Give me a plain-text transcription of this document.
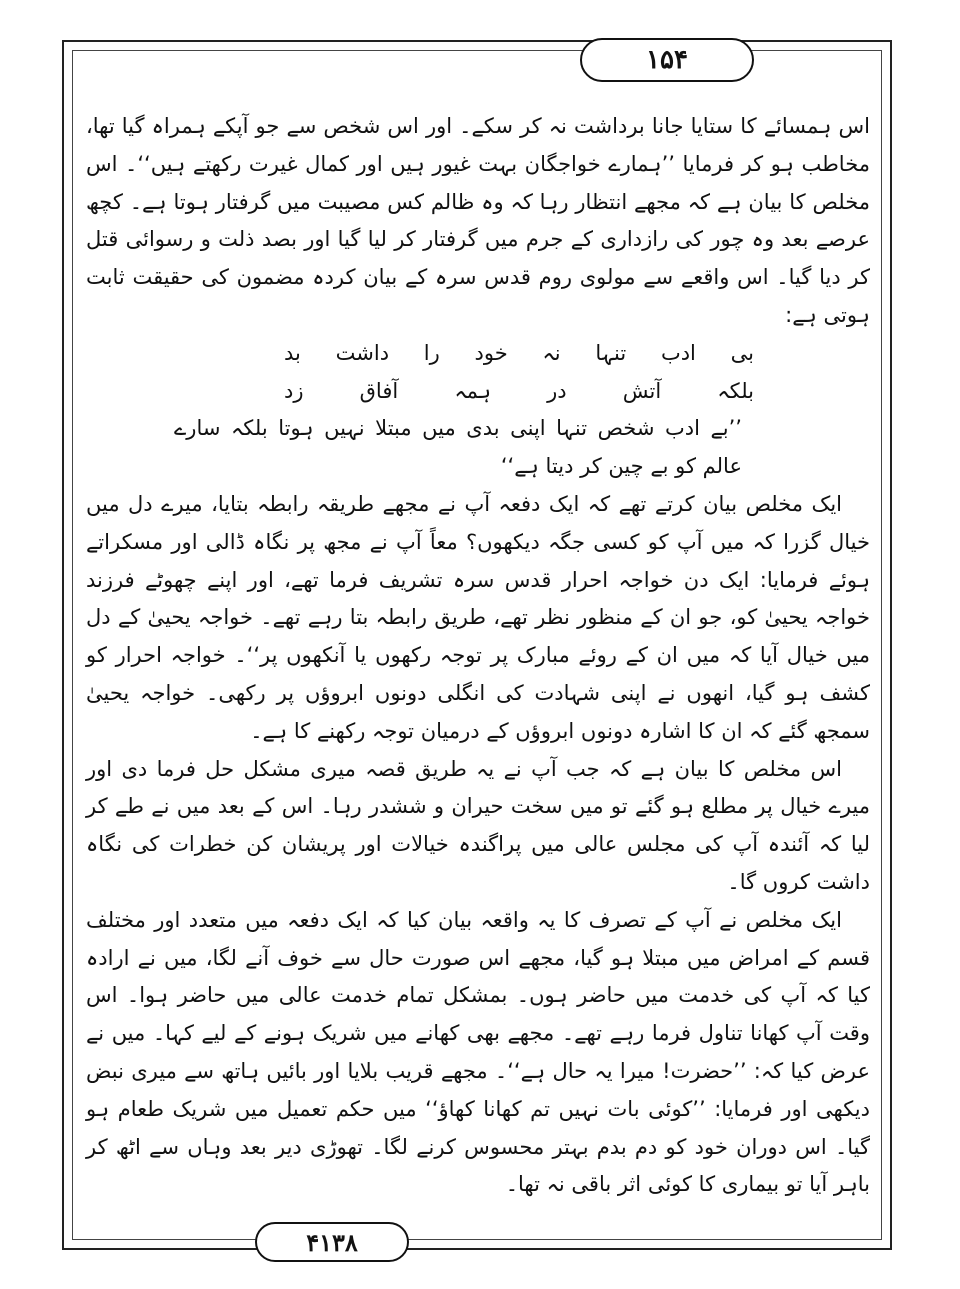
۱۵۴

اس ہمسائے کا ستایا جانا برداشت نہ کر سکے۔ اور اس شخص سے جو آپکے ہمراہ گیا تھا، مخاطب ہو کر فرمایا ’’ہمارے خواجگان بہت غیور ہیں اور کمال غیرت رکھتے ہیں‘‘۔ اس مخلص کا بیان ہے کہ مجھے انتظار رہا کہ وہ ظالم کس مصیبت میں گرفتار ہوتا ہے۔ کچھ عرصے بعد وہ چور کی رازداری کے جرم میں گرفتار کر لیا گیا اور بصد ذلت و رسوائی قتل کر دیا گیا۔ اس واقعے سے مولوی روم قدس سرہ کے بیان کردہ مضمون کی حقیقت ثابت ہوتی ہے:

بی
ادب
تنہا
نہ
خود
را
داشت
بد
بلکہ
آتش
در
ہمہ
آفاق
زد

’’بے ادب شخص تنہا اپنی بدی میں مبتلا نہیں ہوتا بلکہ سارے عالم کو بے چین کر دیتا ہے‘‘

ایک مخلص بیان کرتے تھے کہ ایک دفعہ آپ نے مجھے طریقہ رابطہ بتایا، میرے دل میں خیال گزرا کہ میں آپ کو کسی جگہ دیکھوں؟ معاً آپ نے مجھ پر نگاہ ڈالی اور مسکراتے ہوئے فرمایا: ایک دن خواجہ احرار قدس سرہ تشریف فرما تھے، اور اپنے چھوٹے فرزند خواجہ یحییٰ کو، جو ان کے منظور نظر تھے، طریق رابطہ بتا رہے تھے۔ خواجہ یحییٰ کے دل میں خیال آیا کہ میں ان کے روئے مبارک پر توجہ رکھوں یا آنکھوں پر‘‘۔ خواجہ احرار کو کشف ہو گیا، انھوں نے اپنی شہادت کی انگلی دونوں ابروؤں پر رکھی۔ خواجہ یحییٰ سمجھ گئے کہ ان کا اشارہ دونوں ابروؤں کے درمیان توجہ رکھنے کا ہے۔

اس مخلص کا بیان ہے کہ جب آپ نے یہ طریق قصہ میری مشکل حل فرما دی اور میرے خیال پر مطلع ہو گئے تو میں سخت حیران و ششدر رہا۔ اس کے بعد میں نے طے کر لیا کہ آئندہ آپ کی مجلس عالی میں پراگندہ خیالات اور پریشان کن خطرات کی نگاہ داشت کروں گا۔

ایک مخلص نے آپ کے تصرف کا یہ واقعہ بیان کیا کہ ایک دفعہ میں متعدد اور مختلف قسم کے امراض میں مبتلا ہو گیا، مجھے اس صورت حال سے خوف آنے لگا، میں نے ارادہ کیا کہ آپ کی خدمت میں حاضر ہوں۔ بمشکل تمام خدمت عالی میں حاضر ہوا۔ اس وقت آپ کھانا تناول فرما رہے تھے۔ مجھے بھی کھانے میں شریک ہونے کے لیے کہا۔ میں نے عرض کیا کہ: ’’حضرت! میرا یہ حال ہے‘‘۔ مجھے قریب بلایا اور بائیں ہاتھ سے میری نبض دیکھی اور فرمایا: ’’کوئی بات نہیں تم کھانا کھاؤ‘‘ میں حکم تعمیل میں شریک طعام ہو گیا۔ اس دوران خود کو دم بدم بہتر محسوس کرنے لگا۔ تھوڑی دیر بعد وہاں سے اٹھ کر باہر آیا تو بیماری کا کوئی اثر باقی نہ تھا۔

۴۱۳۸
